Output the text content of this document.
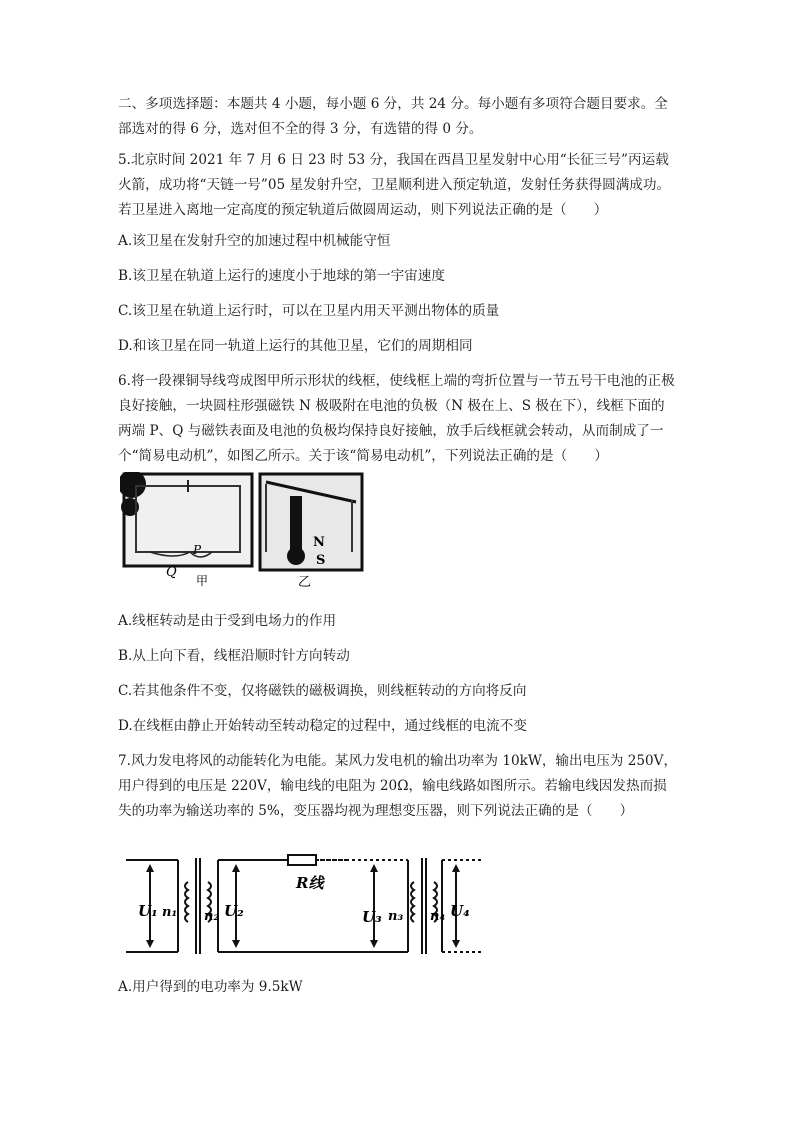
二、多项选择题：本题共 4 小题，每小题 6 分，共 24 分。每小题有多项符合题目要求。全部选对的得 6 分，选对但不全的得 3 分，有选错的得 0 分。

5.北京时间 2021 年 7 月 6 日 23 时 53 分，我国在西昌卫星发射中心用“长征三号”丙运载火箭，成功将“天链一号”05 星发射升空，卫星顺利进入预定轨道，发射任务获得圆满成功。若卫星进入离地一定高度的预定轨道后做圆周运动，则下列说法正确的是（　　）

A.该卫星在发射升空的加速过程中机械能守恒

B.该卫星在轨道上运行的速度小于地球的第一宇宙速度

C.该卫星在轨道上运行时，可以在卫星内用天平测出物体的质量

D.和该卫星在同一轨道上运行的其他卫星，它们的周期相同

6.将一段裸铜导线弯成图甲所示形状的线框，使线框上端的弯折位置与一节五号干电池的正极良好接触，一块圆柱形强磁铁 N 极吸附在电池的负极（N 极在上、S 极在下），线框下面的两端 P、Q 与磁铁表面及电池的负极均保持良好接触，放手后线框就会转动，从而制成了一个“简易电动机”，如图乙所示。关于该“简易电动机”，下列说法正确的是（　　）

P
Q
甲
N
S
乙

A.线框转动是由于受到电场力的作用

B.从上向下看，线框沿顺时针方向转动

C.若其他条件不变，仅将磁铁的磁极调换，则线框转动的方向将反向

D.在线框由静止开始转动至转动稳定的过程中，通过线框的电流不变

7.风力发电将风的动能转化为电能。某风力发电机的输出功率为 10kW，输出电压为 250V，用户得到的电压是 220V，输电线的电阻为 20Ω，输电线路如图所示。若输电线因发热而损失的功率为输送功率的 5%，变压器均视为理想变压器，则下列说法正确的是（　　）

U₁ n₁ n₂ U₂
R线
U₃ n₃ n₄ U₄

A.用户得到的电功率为 9.5kW
